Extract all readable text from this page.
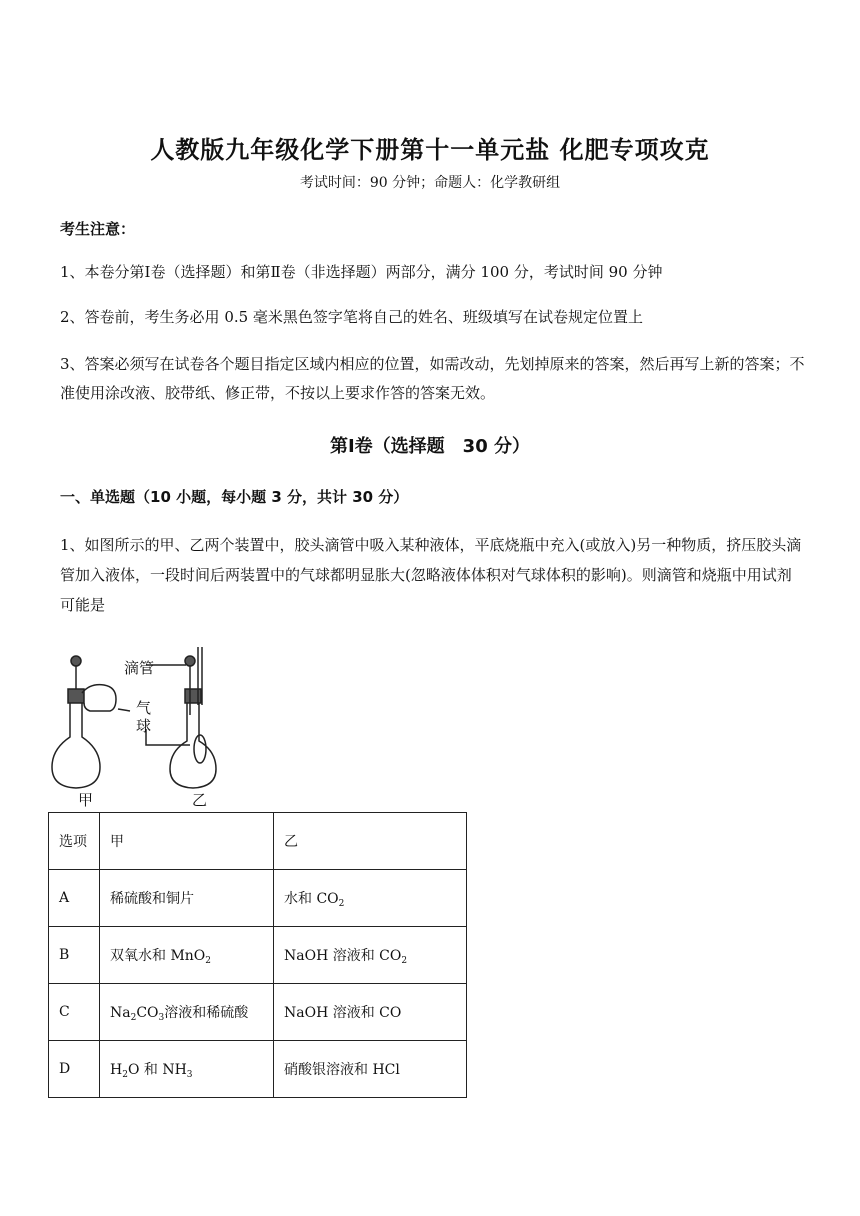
人教版九年级化学下册第十一单元盐 化肥专项攻克
考试时间：90 分钟；命题人：化学教研组
考生注意：
1、本卷分第Ⅰ卷（选择题）和第Ⅱ卷（非选择题）两部分，满分 100 分，考试时间 90 分钟
2、答卷前，考生务必用 0.5 毫米黑色签字笔将自己的姓名、班级填写在试卷规定位置上
3、答案必须写在试卷各个题目指定区域内相应的位置，如需改动，先划掉原来的答案，然后再写上新的答案；不准使用涂改液、胶带纸、修正带，不按以上要求作答的答案无效。
第Ⅰ卷（选择题　30 分）
一、单选题（10 小题，每小题 3 分，共计 30 分）
1、如图所示的甲、乙两个装置中，胶头滴管中吸入某种液体，平底烧瓶中充入(或放入)另一种物质，挤压胶头滴管加入液体，一段时间后两装置中的气球都明显胀大(忽略液体体积对气球体积的影响)。则滴管和烧瓶中用试剂可能是
滴管
气
球
甲	乙
选项	甲	乙
A	稀硫酸和铜片	水和 $CO_2$
B	双氧水和 MnO$_2$	NaOH 溶液和 $CO_2$
C	$Na_2CO_3$溶液和稀硫酸	NaOH 溶液和 CO
D	$H_2O$ 和 $NH_3$	硝酸银溶液和 HCl
